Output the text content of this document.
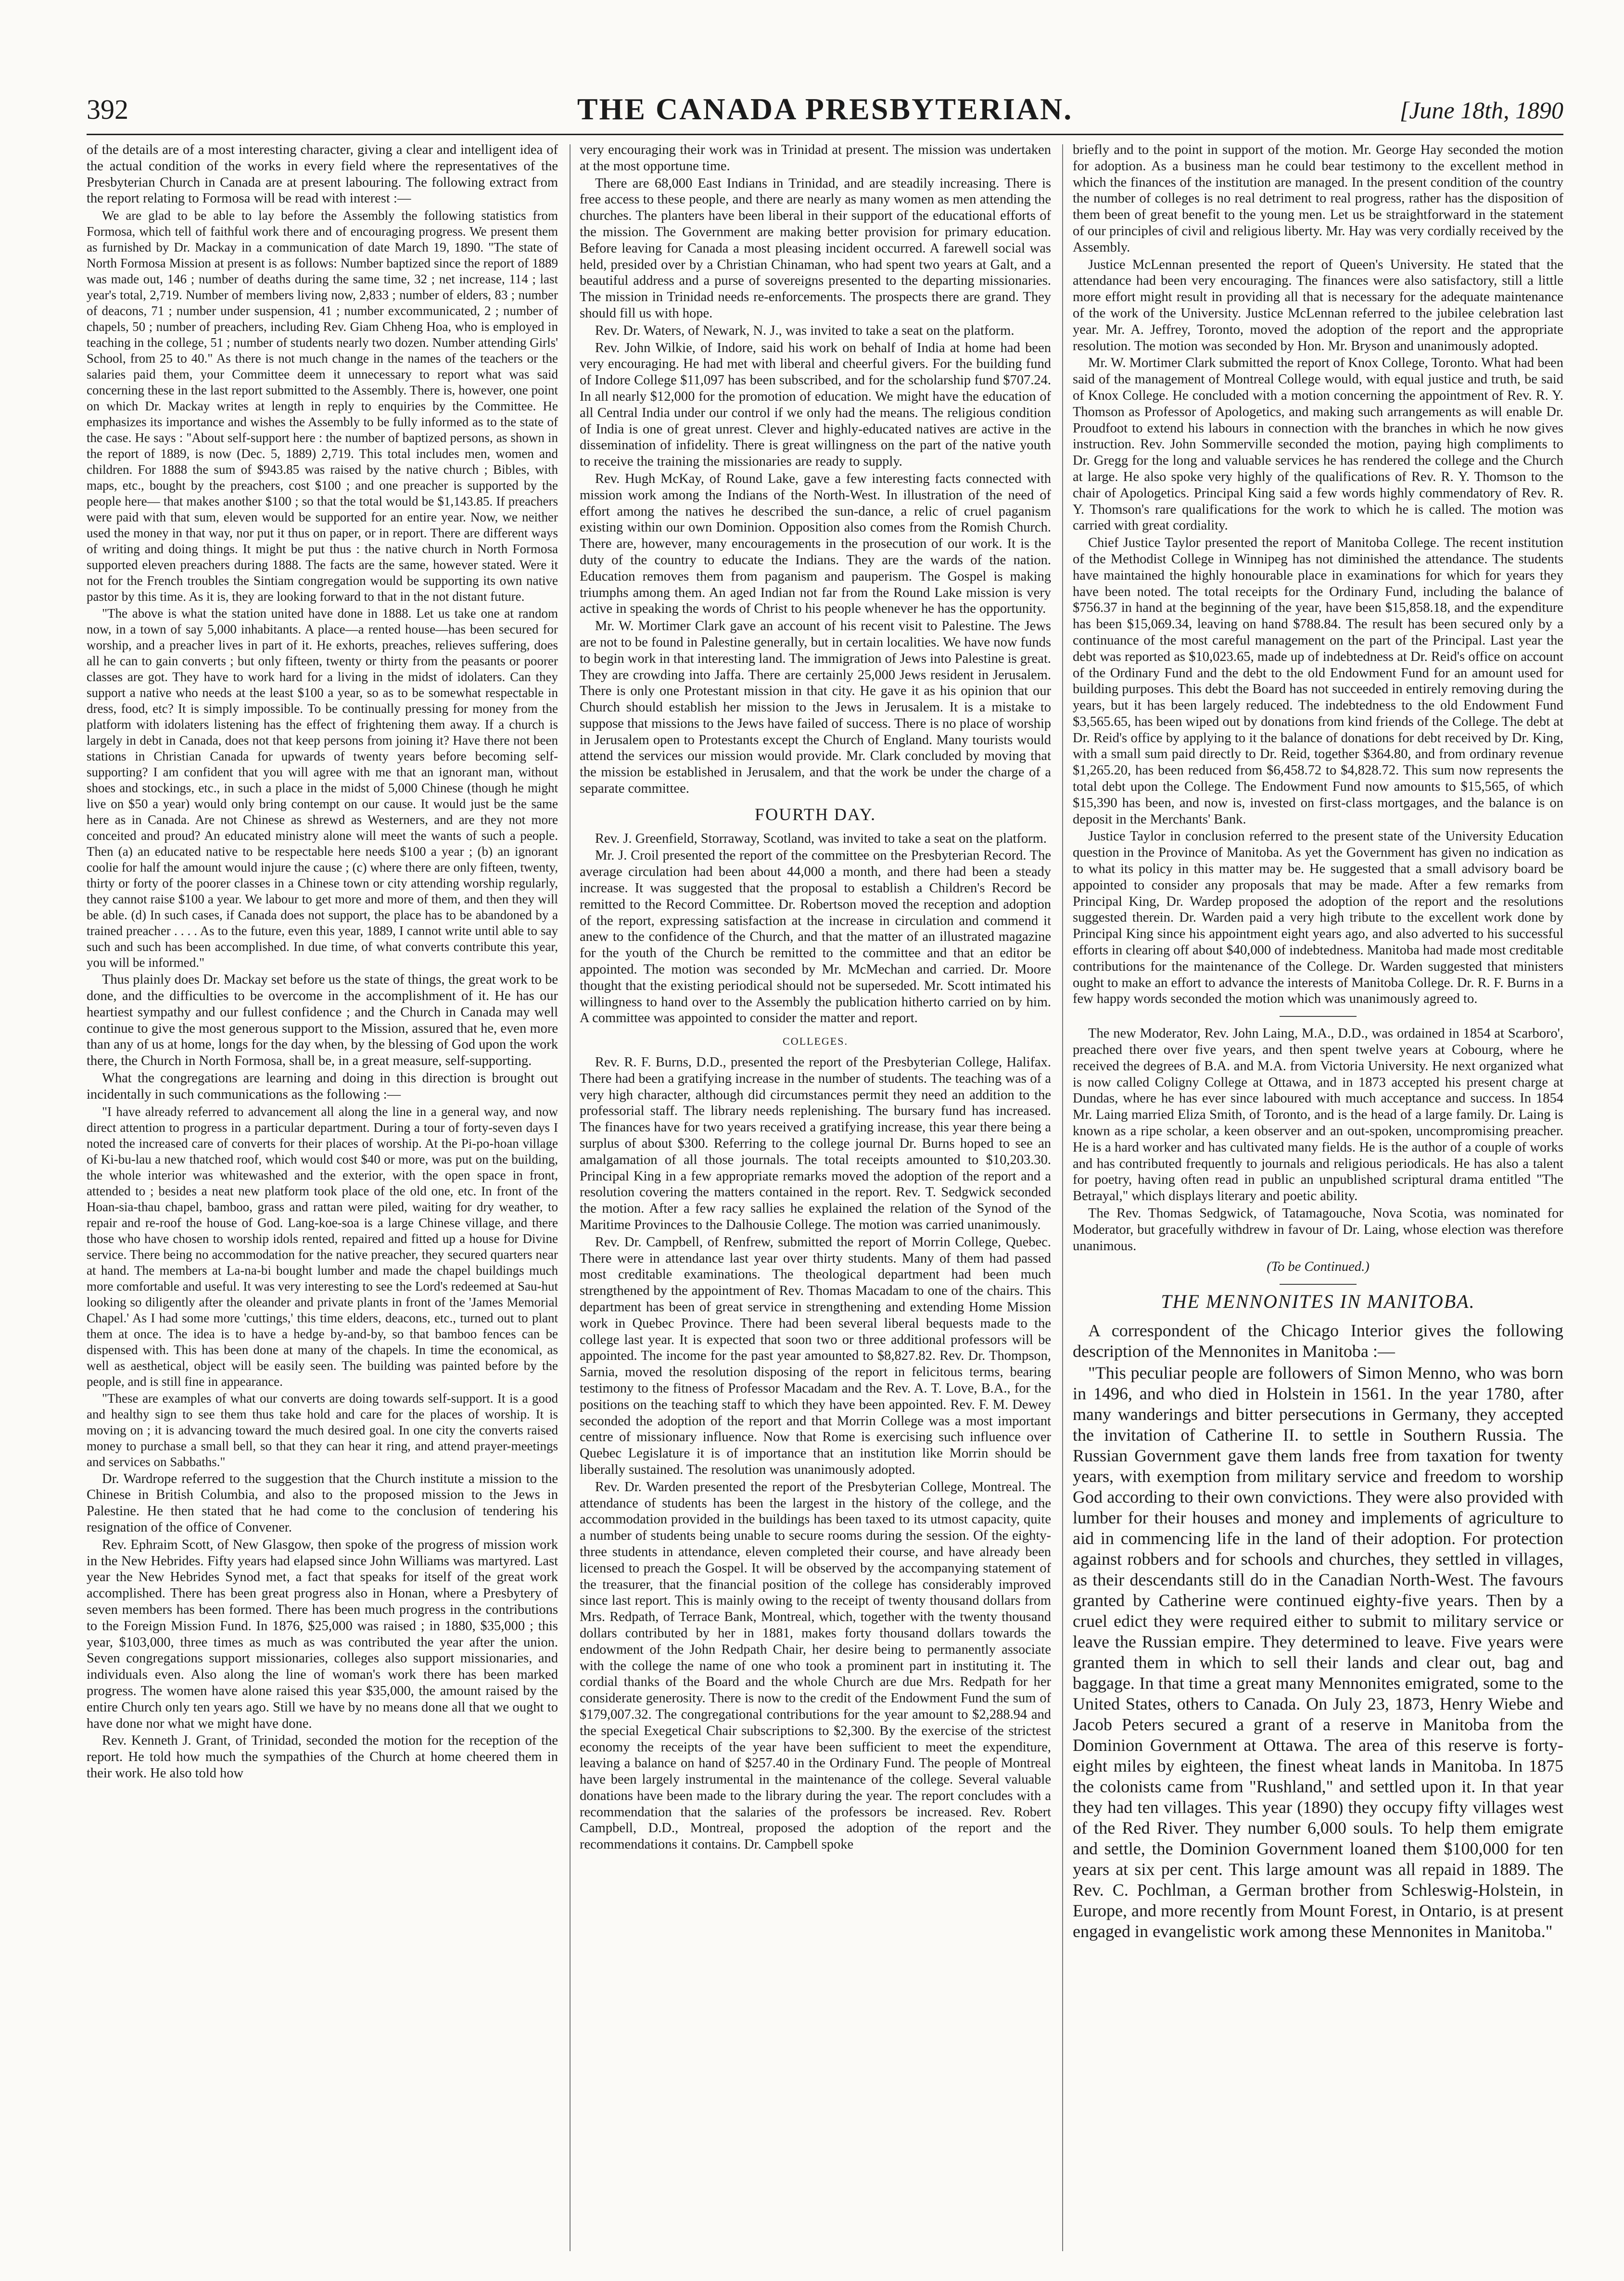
392	THE CANADA PRESBYTERIAN.	[June 18th, 1890

of the details are of a most interesting character, giving a clear and intelligent idea of the actual condition of the works in every field where the representatives of the Presbyterian Church in Canada are at present labouring. The following extract from the report relating to Formosa will be read with interest :—

We are glad to be able to lay before the Assembly the following statistics from Formosa, which tell of faithful work there and of encouraging progress. We present them as furnished by Dr. Mackay in a communication of date March 19, 1890. "The state of North Formosa Mission at present is as follows: Number baptized since the report of 1889 was made out, 146 ; number of deaths during the same time, 32 ; net increase, 114 ; last year's total, 2,719. Number of members living now, 2,833 ; number of elders, 83 ; number of deacons, 71 ; number under suspension, 41 ; number excommunicated, 2 ; number of chapels, 50 ; number of preachers, including Rev. Giam Chheng Hoa, who is employed in teaching in the college, 51 ; number of students nearly two dozen. Number attending Girls' School, from 25 to 40." As there is not much change in the names of the teachers or the salaries paid them, your Committee deem it unnecessary to report what was said concerning these in the last report submitted to the Assembly. There is, however, one point on which Dr. Mackay writes at length in reply to enquiries by the Committee. He emphasizes its importance and wishes the Assembly to be fully informed as to the state of the case. He says : "About self-support here : the number of baptized persons, as shown in the report of 1889, is now (Dec. 5, 1889) 2,719. This total includes men, women and children. For 1888 the sum of $943.85 was raised by the native church ; Bibles, with maps, etc., bought by the preachers, cost $100 ; and one preacher is supported by the people here— that makes another $100 ; so that the total would be $1,143.85. If preachers were paid with that sum, eleven would be supported for an entire year. Now, we neither used the money in that way, nor put it thus on paper, or in report. There are different ways of writing and doing things. It might be put thus : the native church in North Formosa supported eleven preachers during 1888. The facts are the same, however stated. Were it not for the French troubles the Sintiam congregation would be supporting its own native pastor by this time. As it is, they are looking forward to that in the not distant future.

"The above is what the station united have done in 1888. Let us take one at random now, in a town of say 5,000 inhabitants. A place—a rented house—has been secured for worship, and a preacher lives in part of it. He exhorts, preaches, relieves suffering, does all he can to gain converts ; but only fifteen, twenty or thirty from the peasants or poorer classes are got. They have to work hard for a living in the midst of idolaters. Can they support a native who needs at the least $100 a year, so as to be somewhat respectable in dress, food, etc? It is simply impossible. To be continually pressing for money from the platform with idolaters listening has the effect of frightening them away. If a church is largely in debt in Canada, does not that keep persons from joining it? Have there not been stations in Christian Canada for upwards of twenty years before becoming self-supporting? I am confident that you will agree with me that an ignorant man, without shoes and stockings, etc., in such a place in the midst of 5,000 Chinese (though he might live on $50 a year) would only bring contempt on our cause. It would just be the same here as in Canada. Are not Chinese as shrewd as Westerners, and are they not more conceited and proud? An educated ministry alone will meet the wants of such a people. Then (a) an educated native to be respectable here needs $100 a year ; (b) an ignorant coolie for half the amount would injure the cause ; (c) where there are only fifteen, twenty, thirty or forty of the poorer classes in a Chinese town or city attending worship regularly, they cannot raise $100 a year. We labour to get more and more of them, and then they will be able. (d) In such cases, if Canada does not support, the place has to be abandoned by a trained preacher . . . . As to the future, even this year, 1889, I cannot write until able to say such and such has been accomplished. In due time, of what converts contribute this year, you will be informed."

Thus plainly does Dr. Mackay set before us the state of things, the great work to be done, and the difficulties to be overcome in the accomplishment of it. He has our heartiest sympathy and our fullest confidence ; and the Church in Canada may well continue to give the most generous support to the Mission, assured that he, even more than any of us at home, longs for the day when, by the blessing of God upon the work there, the Church in North Formosa, shall be, in a great measure, self-supporting.

What the congregations are learning and doing in this direction is brought out incidentally in such communications as the following :—

"I have already referred to advancement all along the line in a general way, and now direct attention to progress in a particular department. During a tour of forty-seven days I noted the increased care of converts for their places of worship. At the Pi-po-hoan village of Ki-bu-lau a new thatched roof, which would cost $40 or more, was put on the building, the whole interior was whitewashed and the exterior, with the open space in front, attended to ; besides a neat new platform took place of the old one, etc. In front of the Hoan-sia-thau chapel, bamboo, grass and rattan were piled, waiting for dry weather, to repair and re-roof the house of God. Lang-koe-soa is a large Chinese village, and there those who have chosen to worship idols rented, repaired and fitted up a house for Divine service. There being no accommodation for the native preacher, they secured quarters near at hand. The members at La-na-bi bought lumber and made the chapel buildings much more comfortable and useful. It was very interesting to see the Lord's redeemed at Sau-hut looking so diligently after the oleander and private plants in front of the 'James Memorial Chapel.' As I had some more 'cuttings,' this time elders, deacons, etc., turned out to plant them at once. The idea is to have a hedge by-and-by, so that bamboo fences can be dispensed with. This has been done at many of the chapels. In time the economical, as well as aesthetical, object will be easily seen. The building was painted before by the people, and is still fine in appearance.

"These are examples of what our converts are doing towards self-support. It is a good and healthy sign to see them thus take hold and care for the places of worship. It is moving on ; it is advancing toward the much desired goal. In one city the converts raised money to purchase a small bell, so that they can hear it ring, and attend prayer-meetings and services on Sabbaths."

Dr. Wardrope referred to the suggestion that the Church institute a mission to the Chinese in British Columbia, and also to the proposed mission to the Jews in Palestine. He then stated that he had come to the conclusion of tendering his resignation of the office of Convener.

Rev. Ephraim Scott, of New Glasgow, then spoke of the progress of mission work in the New Hebrides. Fifty years had elapsed since John Williams was martyred. Last year the New Hebrides Synod met, a fact that speaks for itself of the great work accomplished. There has been great progress also in Honan, where a Presbytery of seven members has been formed. There has been much progress in the contributions to the Foreign Mission Fund. In 1876, $25,000 was raised ; in 1880, $35,000 ; this year, $103,000, three times as much as was contributed the year after the union. Seven congregations support missionaries, colleges also support missionaries, and individuals even. Also along the line of woman's work there has been marked progress. The women have alone raised this year $35,000, the amount raised by the entire Church only ten years ago. Still we have by no means done all that we ought to have done nor what we might have done.

Rev. Kenneth J. Grant, of Trinidad, seconded the motion for the reception of the report. He told how much the sympathies of the Church at home cheered them in their work. He also told how

very encouraging their work was in Trinidad at present. The mission was undertaken at the most opportune time.

There are 68,000 East Indians in Trinidad, and are steadily increasing. There is free access to these people, and there are nearly as many women as men attending the churches. The planters have been liberal in their support of the educational efforts of the mission. The Government are making better provision for primary education. Before leaving for Canada a most pleasing incident occurred. A farewell social was held, presided over by a Christian Chinaman, who had spent two years at Galt, and a beautiful address and a purse of sovereigns presented to the departing missionaries. The mission in Trinidad needs re-enforcements. The prospects there are grand. They should fill us with hope.

Rev. Dr. Waters, of Newark, N. J., was invited to take a seat on the platform.

Rev. John Wilkie, of Indore, said his work on behalf of India at home had been very encouraging. He had met with liberal and cheerful givers. For the building fund of Indore College $11,097 has been subscribed, and for the scholarship fund $707.24. In all nearly $12,000 for the promotion of education. We might have the education of all Central India under our control if we only had the means. The religious condition of India is one of great unrest. Clever and highly-educated natives are active in the dissemination of infidelity. There is great willingness on the part of the native youth to receive the training the missionaries are ready to supply.

Rev. Hugh McKay, of Round Lake, gave a few interesting facts connected with mission work among the Indians of the North-West. In illustration of the need of effort among the natives he described the sun-dance, a relic of cruel paganism existing within our own Dominion. Opposition also comes from the Romish Church. There are, however, many encouragements in the prosecution of our work. It is the duty of the country to educate the Indians. They are the wards of the nation. Education removes them from paganism and pauperism. The Gospel is making triumphs among them. An aged Indian not far from the Round Lake mission is very active in speaking the words of Christ to his people whenever he has the opportunity.

Mr. W. Mortimer Clark gave an account of his recent visit to Palestine. The Jews are not to be found in Palestine generally, but in certain localities. We have now funds to begin work in that interesting land. The immigration of Jews into Palestine is great. They are crowding into Jaffa. There are certainly 25,000 Jews resident in Jerusalem. There is only one Protestant mission in that city. He gave it as his opinion that our Church should establish her mission to the Jews in Jerusalem. It is a mistake to suppose that missions to the Jews have failed of success. There is no place of worship in Jerusalem open to Protestants except the Church of England. Many tourists would attend the services our mission would provide. Mr. Clark concluded by moving that the mission be established in Jerusalem, and that the work be under the charge of a separate committee.

FOURTH DAY.

Rev. J. Greenfield, Storraway, Scotland, was invited to take a seat on the platform.

Mr. J. Croil presented the report of the committee on the Presbyterian Record. The average circulation had been about 44,000 a month, and there had been a steady increase. It was suggested that the proposal to establish a Children's Record be remitted to the Record Committee. Dr. Robertson moved the reception and adoption of the report, expressing satisfaction at the increase in circulation and commend it anew to the confidence of the Church, and that the matter of an illustrated magazine for the youth of the Church be remitted to the committee and that an editor be appointed. The motion was seconded by Mr. McMechan and carried. Dr. Moore thought that the existing periodical should not be superseded. Mr. Scott intimated his willingness to hand over to the Assembly the publication hitherto carried on by him. A committee was appointed to consider the matter and report.

COLLEGES.

Rev. R. F. Burns, D.D., presented the report of the Presbyterian College, Halifax. There had been a gratifying increase in the number of students. The teaching was of a very high character, although did circumstances permit they need an addition to the professorial staff. The library needs replenishing. The bursary fund has increased. The finances have for two years received a gratifying increase, this year there being a surplus of about $300. Referring to the college journal Dr. Burns hoped to see an amalgamation of all those journals. The total receipts amounted to $10,203.30. Principal King in a few appropriate remarks moved the adoption of the report and a resolution covering the matters contained in the report. Rev. T. Sedgwick seconded the motion. After a few racy sallies he explained the relation of the Synod of the Maritime Provinces to the Dalhousie College. The motion was carried unanimously.

Rev. Dr. Campbell, of Renfrew, submitted the report of Morrin College, Quebec. There were in attendance last year over thirty students. Many of them had passed most creditable examinations. The theological department had been much strengthened by the appointment of Rev. Thomas Macadam to one of the chairs. This department has been of great service in strengthening and extending Home Mission work in Quebec Province. There had been several liberal bequests made to the college last year. It is expected that soon two or three additional professors will be appointed. The income for the past year amounted to $8,827.82. Rev. Dr. Thompson, Sarnia, moved the resolution disposing of the report in felicitous terms, bearing testimony to the fitness of Professor Macadam and the Rev. A. T. Love, B.A., for the positions on the teaching staff to which they have been appointed. Rev. F. M. Dewey seconded the adoption of the report and that Morrin College was a most important centre of missionary influence. Now that Rome is exercising such influence over Quebec Legislature it is of importance that an institution like Morrin should be liberally sustained. The resolution was unanimously adopted.

Rev. Dr. Warden presented the report of the Presbyterian College, Montreal. The attendance of students has been the largest in the history of the college, and the accommodation provided in the buildings has been taxed to its utmost capacity, quite a number of students being unable to secure rooms during the session. Of the eighty-three students in attendance, eleven completed their course, and have already been licensed to preach the Gospel. It will be observed by the accompanying statement of the treasurer, that the financial position of the college has considerably improved since last report. This is mainly owing to the receipt of twenty thousand dollars from Mrs. Redpath, of Terrace Bank, Montreal, which, together with the twenty thousand dollars contributed by her in 1881, makes forty thousand dollars towards the endowment of the John Redpath Chair, her desire being to permanently associate with the college the name of one who took a prominent part in instituting it. The cordial thanks of the Board and the whole Church are due Mrs. Redpath for her considerate generosity. There is now to the credit of the Endowment Fund the sum of $179,007.32. The congregational contributions for the year amount to $2,288.94 and the special Exegetical Chair subscriptions to $2,300. By the exercise of the strictest economy the receipts of the year have been sufficient to meet the expenditure, leaving a balance on hand of $257.40 in the Ordinary Fund. The people of Montreal have been largely instrumental in the maintenance of the college. Several valuable donations have been made to the library during the year. The report concludes with a recommendation that the salaries of the professors be increased. Rev. Robert Campbell, D.D., Montreal, proposed the adoption of the report and the recommendations it contains. Dr. Campbell spoke

briefly and to the point in support of the motion. Mr. George Hay seconded the motion for adoption. As a business man he could bear testimony to the excellent method in which the finances of the institution are managed. In the present condition of the country the number of colleges is no real detriment to real progress, rather has the disposition of them been of great benefit to the young men. Let us be straightforward in the statement of our principles of civil and religious liberty. Mr. Hay was very cordially received by the Assembly.

Justice McLennan presented the report of Queen's University. He stated that the attendance had been very encouraging. The finances were also satisfactory, still a little more effort might result in providing all that is necessary for the adequate maintenance of the work of the University. Justice McLennan referred to the jubilee celebration last year. Mr. A. Jeffrey, Toronto, moved the adoption of the report and the appropriate resolution. The motion was seconded by Hon. Mr. Bryson and unanimously adopted.

Mr. W. Mortimer Clark submitted the report of Knox College, Toronto. What had been said of the management of Montreal College would, with equal justice and truth, be said of Knox College. He concluded with a motion concerning the appointment of Rev. R. Y. Thomson as Professor of Apologetics, and making such arrangements as will enable Dr. Proudfoot to extend his labours in connection with the branches in which he now gives instruction. Rev. John Sommerville seconded the motion, paying high compliments to Dr. Gregg for the long and valuable services he has rendered the college and the Church at large. He also spoke very highly of the qualifications of Rev. R. Y. Thomson to the chair of Apologetics. Principal King said a few words highly commendatory of Rev. R. Y. Thomson's rare qualifications for the work to which he is called. The motion was carried with great cordiality.

Chief Justice Taylor presented the report of Manitoba College. The recent institution of the Methodist College in Winnipeg has not diminished the attendance. The students have maintained the highly honourable place in examinations for which for years they have been noted. The total receipts for the Ordinary Fund, including the balance of $756.37 in hand at the beginning of the year, have been $15,858.18, and the expenditure has been $15,069.34, leaving on hand $788.84. The result has been secured only by a continuance of the most careful management on the part of the Principal. Last year the debt was reported as $10,023.65, made up of indebtedness at Dr. Reid's office on account of the Ordinary Fund and the debt to the old Endowment Fund for an amount used for building purposes. This debt the Board has not succeeded in entirely removing during the years, but it has been largely reduced. The indebtedness to the old Endowment Fund $3,565.65, has been wiped out by donations from kind friends of the College. The debt at Dr. Reid's office by applying to it the balance of donations for debt received by Dr. King, with a small sum paid directly to Dr. Reid, together $364.80, and from ordinary revenue $1,265.20, has been reduced from $6,458.72 to $4,828.72. This sum now represents the total debt upon the College. The Endowment Fund now amounts to $15,565, of which $15,390 has been, and now is, invested on first-class mortgages, and the balance is on deposit in the Merchants' Bank.

Justice Taylor in conclusion referred to the present state of the University Education question in the Province of Manitoba. As yet the Government has given no indication as to what its policy in this matter may be. He suggested that a small advisory board be appointed to consider any proposals that may be made. After a few remarks from Principal King, Dr. Wardep proposed the adoption of the report and the resolutions suggested therein. Dr. Warden paid a very high tribute to the excellent work done by Principal King since his appointment eight years ago, and also adverted to his successful efforts in clearing off about $40,000 of indebtedness. Manitoba had made most creditable contributions for the maintenance of the College. Dr. Warden suggested that ministers ought to make an effort to advance the interests of Manitoba College. Dr. R. F. Burns in a few happy words seconded the motion which was unanimously agreed to.

The new Moderator, Rev. John Laing, M.A., D.D., was ordained in 1854 at Scarboro', preached there over five years, and then spent twelve years at Cobourg, where he received the degrees of B.A. and M.A. from Victoria University. He next organized what is now called Coligny College at Ottawa, and in 1873 accepted his present charge at Dundas, where he has ever since laboured with much acceptance and success. In 1854 Mr. Laing married Eliza Smith, of Toronto, and is the head of a large family. Dr. Laing is known as a ripe scholar, a keen observer and an out-spoken, uncompromising preacher. He is a hard worker and has cultivated many fields. He is the author of a couple of works and has contributed frequently to journals and religious periodicals. He has also a talent for poetry, having often read in public an unpublished scriptural drama entitled "The Betrayal," which displays literary and poetic ability.

The Rev. Thomas Sedgwick, of Tatamagouche, Nova Scotia, was nominated for Moderator, but gracefully withdrew in favour of Dr. Laing, whose election was therefore unanimous.

(To be Continued.)
THE MENNONITES IN MANITOBA.

A correspondent of the Chicago Interior gives the following description of the Mennonites in Manitoba :—

"This peculiar people are followers of Simon Menno, who was born in 1496, and who died in Holstein in 1561. In the year 1780, after many wanderings and bitter persecutions in Germany, they accepted the invitation of Catherine II. to settle in Southern Russia. The Russian Government gave them lands free from taxation for twenty years, with exemption from military service and freedom to worship God according to their own convictions. They were also provided with lumber for their houses and money and implements of agriculture to aid in commencing life in the land of their adoption. For protection against robbers and for schools and churches, they settled in villages, as their descendants still do in the Canadian North-West. The favours granted by Catherine were continued eighty-five years. Then by a cruel edict they were required either to submit to military service or leave the Russian empire. They determined to leave. Five years were granted them in which to sell their lands and clear out, bag and baggage. In that time a great many Mennonites emigrated, some to the United States, others to Canada. On July 23, 1873, Henry Wiebe and Jacob Peters secured a grant of a reserve in Manitoba from the Dominion Government at Ottawa. The area of this reserve is forty-eight miles by eighteen, the finest wheat lands in Manitoba. In 1875 the colonists came from "Rushland," and settled upon it. In that year they had ten villages. This year (1890) they occupy fifty villages west of the Red River. They number 6,000 souls. To help them emigrate and settle, the Dominion Government loaned them $100,000 for ten years at six per cent. This large amount was all repaid in 1889. The Rev. C. Pochlman, a German brother from Schleswig-Holstein, in Europe, and more recently from Mount Forest, in Ontario, is at present engaged in evangelistic work among these Mennonites in Manitoba."
